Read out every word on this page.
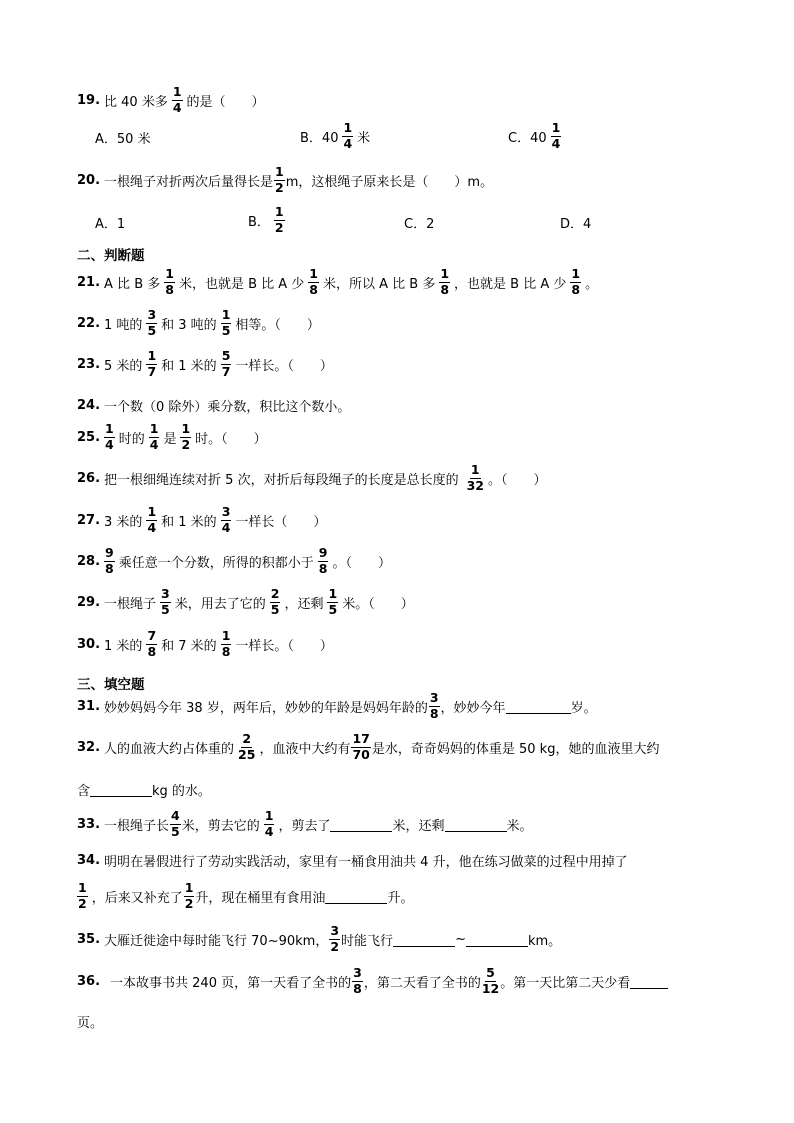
19. 比 40 米多 $\frac{1}{4}$ 的是（　　）
A．50 米	B．$40 \frac{1}{4}$ 米	C．$40 \frac{1}{4}$
20. 一根绳子对折两次后量得长是 $\frac{1}{2}$ m，这根绳子原来长是（　　）m。
A．1	B． $\frac{1}{2}$	C．2	D．4
二、判断题
21. A 比 B 多 $\frac{1}{8}$ 米，也就是 B 比 A 少 $\frac{1}{8}$ 米，所以 A 比 B 多 $\frac{1}{8}$ ，也就是 B 比 A 少 $\frac{1}{8}$ 。
22. 1 吨的 $\frac{3}{5}$ 和 3 吨的 $\frac{1}{5}$ 相等。（　　）
23. 5 米的 $\frac{1}{7}$ 和 1 米的 $\frac{5}{7}$ 一样长。（　　）
24. 一个数（0 除外）乘分数，积比这个数小。
25. $\frac{1}{4}$ 时的 $\frac{1}{4}$ 是 $\frac{1}{2}$ 时。（　　）
26. 把一根细绳连续对折 5 次，对折后每段绳子的长度是总长度的 $\frac{1}{32}$ 。（　　）
27. 3 米的 $\frac{1}{4}$ 和 1 米的 $\frac{3}{4}$ 一样长（　　）
28. $\frac{9}{8}$ 乘任意一个分数，所得的积都小于 $\frac{9}{8}$ 。（　　）
29. 一根绳子 $\frac{3}{5}$ 米，用去了它的 $\frac{2}{5}$ ，还剩 $\frac{1}{5}$ 米。（　　）
30. 1 米的 $\frac{7}{8}$ 和 7 米的 $\frac{1}{8}$ 一样长。（　　）
三、填空题
31. 妙妙妈妈今年 38 岁，两年后，妙妙的年龄是妈妈年龄的 $\frac{3}{8}$ ，妙妙今年	岁。
32. 人的血液大约占体重的 $\frac{2}{25}$ ，血液中大约有 $\frac{17}{70}$ 是水，奇奇妈妈的体重是 50 kg，她的血液里大约
含	kg 的水。
33. 一根绳子长 $\frac{4}{5}$ 米，剪去它的 $\frac{1}{4}$ ，剪去了	米，还剩	米。
34. 明明在暑假进行了劳动实践活动，家里有一桶食用油共 4 升，他在练习做菜的过程中用掉了
$\frac{1}{2}$ ，后来又补充了 $\frac{1}{2}$ 升，现在桶里有食用油	升。
35. 大雁迁徙途中每时能飞行 70~90km， $\frac{3}{2}$ 时能飞行	~	km。
36. 一本故事书共 240 页，第一天看了全书的 $\frac{3}{8}$ ，第二天看了全书的 $\frac{5}{12}$ 。第一天比第二天少看
页。
